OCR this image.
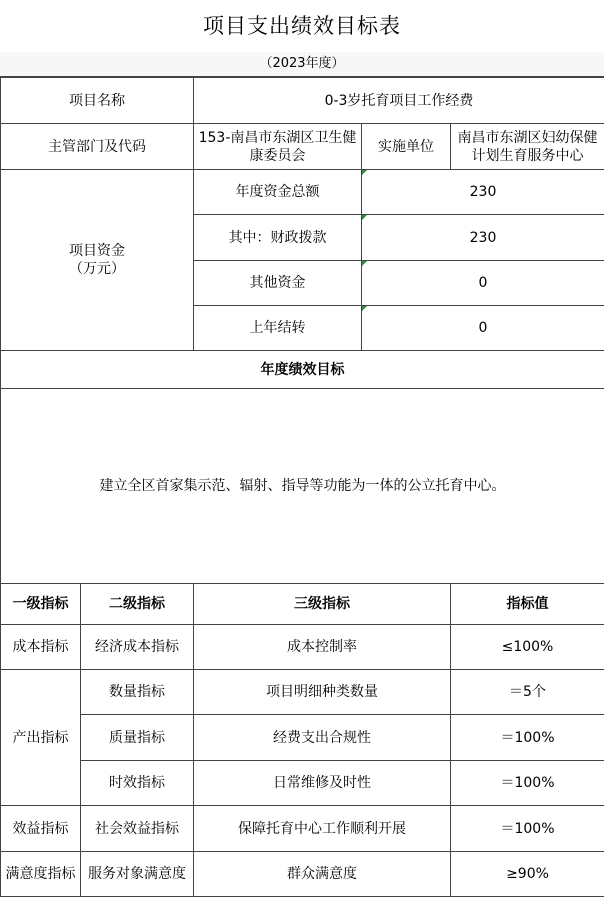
项目支出绩效目标表
（2023年度）
项目名称	0-3岁托育项目工作经费		
主管部门及代码	153-南昌市东湖区卫生健康委员会	实施单位	南昌市东湖区妇幼保健计划生育服务中心

项目资金
（万元）	年度资金总额	230	
	其中：财政拨款	230	
	其他资金	0	
	上年结转	0	
年度绩效目标			
建立全区首家集示范、辐射、指导等功能为一体的公立托育中心。			
一级指标	二级指标	三级指标	指标值
成本指标	经济成本指标	成本控制率	≤100%
产出指标	数量指标	项目明细种类数量	＝5个
	质量指标	经费支出合规性	＝100%
	时效指标	日常维修及时性	＝100%
效益指标	社会效益指标	保障托育中心工作顺利开展	＝100%
满意度指标	服务对象满意度	群众满意度	≥90%
